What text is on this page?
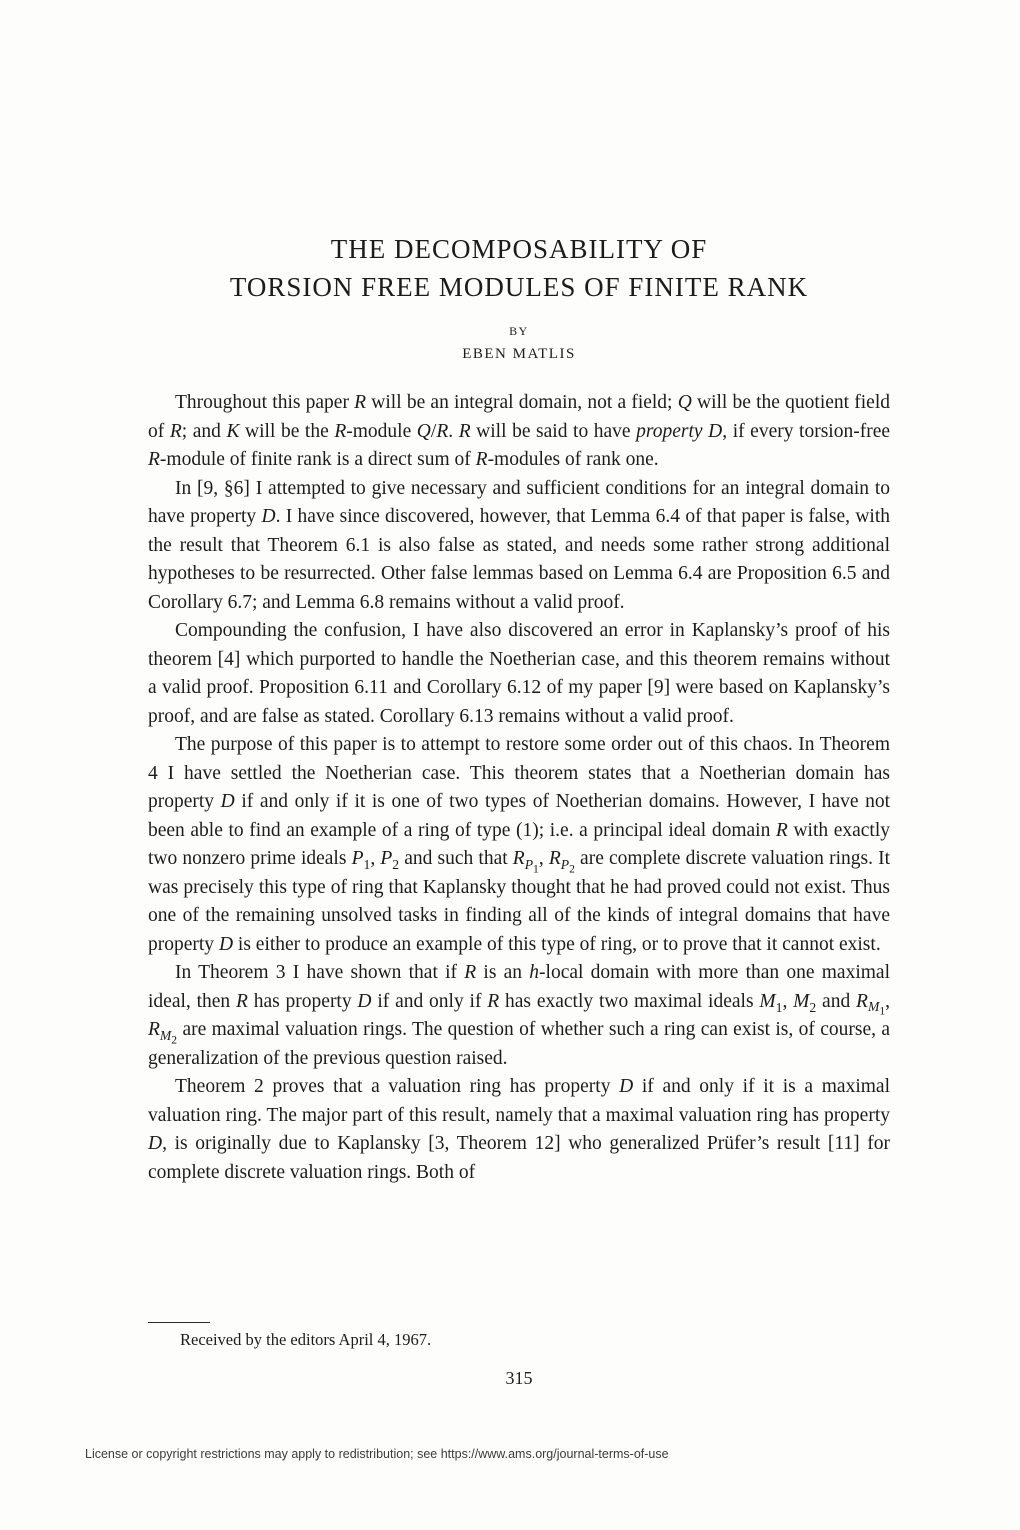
THE DECOMPOSABILITY OF
TORSION FREE MODULES OF FINITE RANK
BY
EBEN MATLIS

Throughout this paper R will be an integral domain, not a field; Q will be the quotient field of R; and K will be the R-module Q/R. R will be said to have property D, if every torsion-free R-module of finite rank is a direct sum of R-modules of rank one.

In [9, §6] I attempted to give necessary and sufficient conditions for an integral domain to have property D. I have since discovered, however, that Lemma 6.4 of that paper is false, with the result that Theorem 6.1 is also false as stated, and needs some rather strong additional hypotheses to be resurrected. Other false lemmas based on Lemma 6.4 are Proposition 6.5 and Corollary 6.7; and Lemma 6.8 remains without a valid proof.

Compounding the confusion, I have also discovered an error in Kaplansky’s proof of his theorem [4] which purported to handle the Noetherian case, and this theorem remains without a valid proof. Proposition 6.11 and Corollary 6.12 of my paper [9] were based on Kaplansky’s proof, and are false as stated. Corollary 6.13 remains without a valid proof.

The purpose of this paper is to attempt to restore some order out of this chaos. In Theorem 4 I have settled the Noetherian case. This theorem states that a Noetherian domain has property D if and only if it is one of two types of Noetherian domains. However, I have not been able to find an example of a ring of type (1); i.e. a principal ideal domain R with exactly two nonzero prime ideals $P_1$, $P_2$ and such that $R_{P_1}$, $R_{P_2}$ are complete discrete valuation rings. It was precisely this type of ring that Kaplansky thought that he had proved could not exist. Thus one of the remaining unsolved tasks in finding all of the kinds of integral domains that have property D is either to produce an example of this type of ring, or to prove that it cannot exist.

In Theorem 3 I have shown that if R is an h-local domain with more than one maximal ideal, then R has property D if and only if R has exactly two maximal ideals $M_1$, $M_2$ and $R_{M_1}$, $R_{M_2}$ are maximal valuation rings. The question of whether such a ring can exist is, of course, a generalization of the previous question raised.

Theorem 2 proves that a valuation ring has property D if and only if it is a maximal valuation ring. The major part of this result, namely that a maximal valuation ring has property D, is originally due to Kaplansky [3, Theorem 12] who generalized Prüfer’s result [11] for complete discrete valuation rings. Both of

Received by the editors April 4, 1967.
315
License or copyright restrictions may apply to redistribution; see https://www.ams.org/journal-terms-of-use
